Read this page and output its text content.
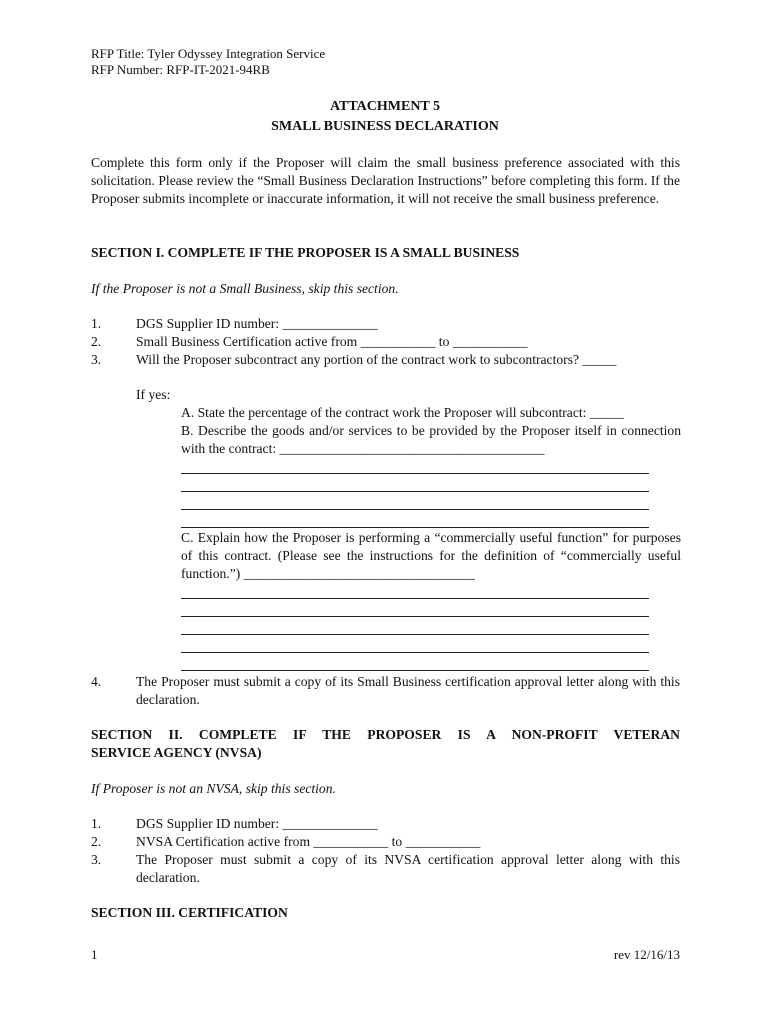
RFP Title: Tyler Odyssey Integration Service
RFP Number: RFP-IT-2021-94RB
ATTACHMENT 5
SMALL BUSINESS DECLARATION
Complete this form only if the Proposer will claim the small business preference associated with this solicitation. Please review the “Small Business Declaration Instructions” before completing this form. If the Proposer submits incomplete or inaccurate information, it will not receive the small business preference.
SECTION I. COMPLETE IF THE PROPOSER IS A SMALL BUSINESS
If the Proposer is not a Small Business, skip this section.
1.	DGS Supplier ID number: ______________
2.	Small Business Certification active from ___________ to ___________
3.	Will the Proposer subcontract any portion of the contract work to subcontractors? _____
If yes:
A. State the percentage of the contract work the Proposer will subcontract: _____
B. Describe the goods and/or services to be provided by the Proposer itself in connection with the contract: _______________________________________
C. Explain how the Proposer is performing a “commercially useful function” for purposes of this contract. (Please see the instructions for the definition of “commercially useful function.”) __________________________________
4.	The Proposer must submit a copy of its Small Business certification approval letter along with this declaration.
SECTION II. COMPLETE IF THE PROPOSER IS A NON-PROFIT VETERAN
SERVICE AGENCY (NVSA)
If Proposer is not an NVSA, skip this section.
1.	DGS Supplier ID number: ______________
2.	NVSA Certification active from ___________ to ___________
3.	The Proposer must submit a copy of its NVSA certification approval letter along with this declaration.
SECTION III. CERTIFICATION
1	rev 12/16/13
